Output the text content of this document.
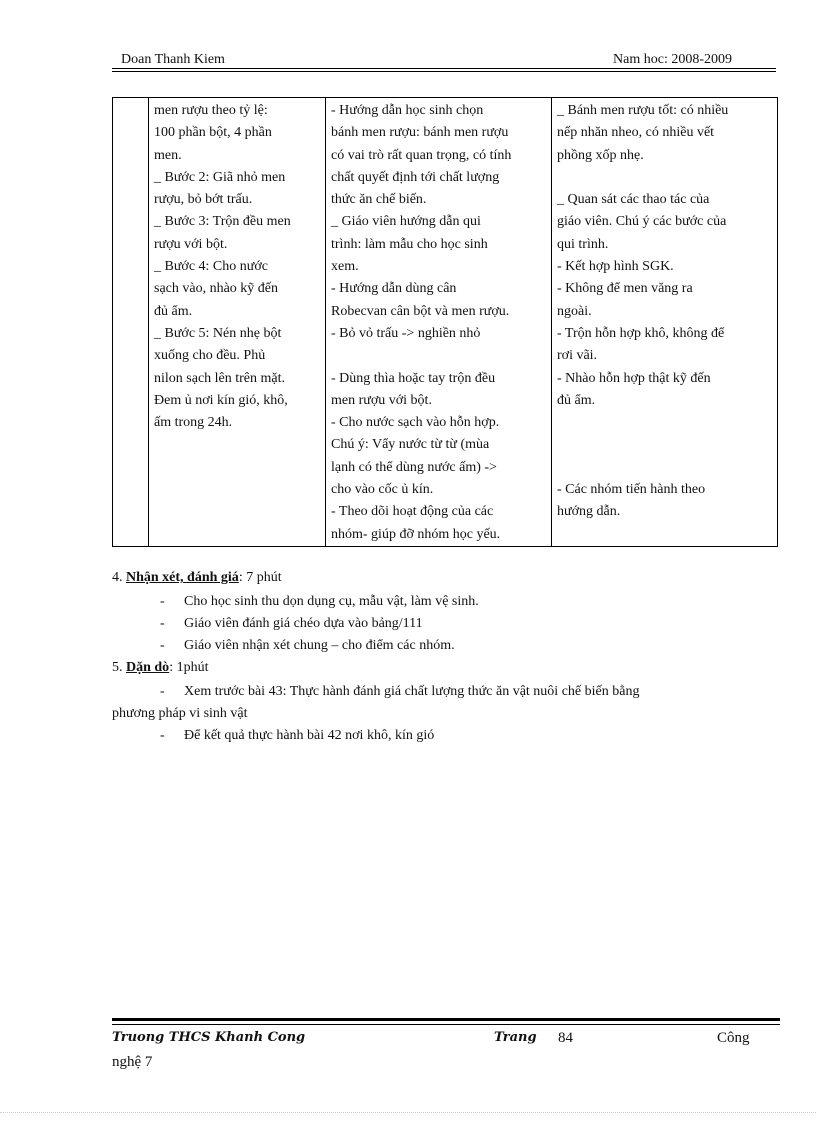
Doan Thanh Kiem	Nam hoc: 2008-2009

men rượu theo tỷ lệ:
100 phần bột, 4 phần
men.
_ Bước 2: Giã nhỏ men
rượu, bỏ bớt trấu.
_ Bước 3: Trộn đều men
rượu với bột.
_ Bước 4: Cho nước
sạch vào, nhào kỹ đến
đủ ẩm.
_ Bước 5: Nén nhẹ bột
xuống cho đều. Phủ
nilon sạch lên trên mặt.
Đem ủ nơi kín gió, khô,
ấm trong 24h.

- Hướng dẫn học sinh chọn
bánh men rượu: bánh men rượu
có vai trò rất quan trọng, có tính
chất quyết định tới chất lượng
thức ăn chế biến.
_ Giáo viên hướng dẫn qui
trình: làm mẫu cho học sinh
xem.
- Hướng dẫn dùng cân
Robecvan cân bột và men rượu.
- Bỏ vỏ trấu -> nghiền nhỏ
- Dùng thìa hoặc tay trộn đều
men rượu với bột.
- Cho nước sạch vào hỗn hợp.
Chú ý: Vẩy nước từ từ (mùa
lạnh có thể dùng nước ấm) ->
cho vào cốc ủ kín.
- Theo dõi hoạt động của các
nhóm- giúp đỡ nhóm học yếu.

_ Bánh men rượu tốt: có nhiều
nếp nhăn nheo, có nhiều vết
phồng xốp nhẹ.
_ Quan sát các thao tác của
giáo viên. Chú ý các bước của
qui trình.
- Kết hợp hình SGK.
- Không để men văng ra
ngoài.
- Trộn hỗn hợp khô, không để
rơi vãi.
- Nhào hỗn hợp thật kỹ đến
đủ ẩm.
- Các nhóm tiến hành theo
hướng dẫn.
4. Nhận xét, đánh giá: 7 phút
- Cho học sinh thu dọn dụng cụ, mẫu vật, làm vệ sinh.
- Giáo viên đánh giá chéo dựa vào bảng/111
- Giáo viên nhận xét chung – cho điểm các nhóm.
5. Dặn dò: 1phút
- Xem trước bài 43: Thực hành đánh giá chất lượng thức ăn vật nuôi chế biến bằng
phương pháp vi sinh vật
- Để kết quả thực hành bài 42 nơi khô, kín gió
Truong THCS Khanh Cong	Trang 84	Công
nghệ 7
